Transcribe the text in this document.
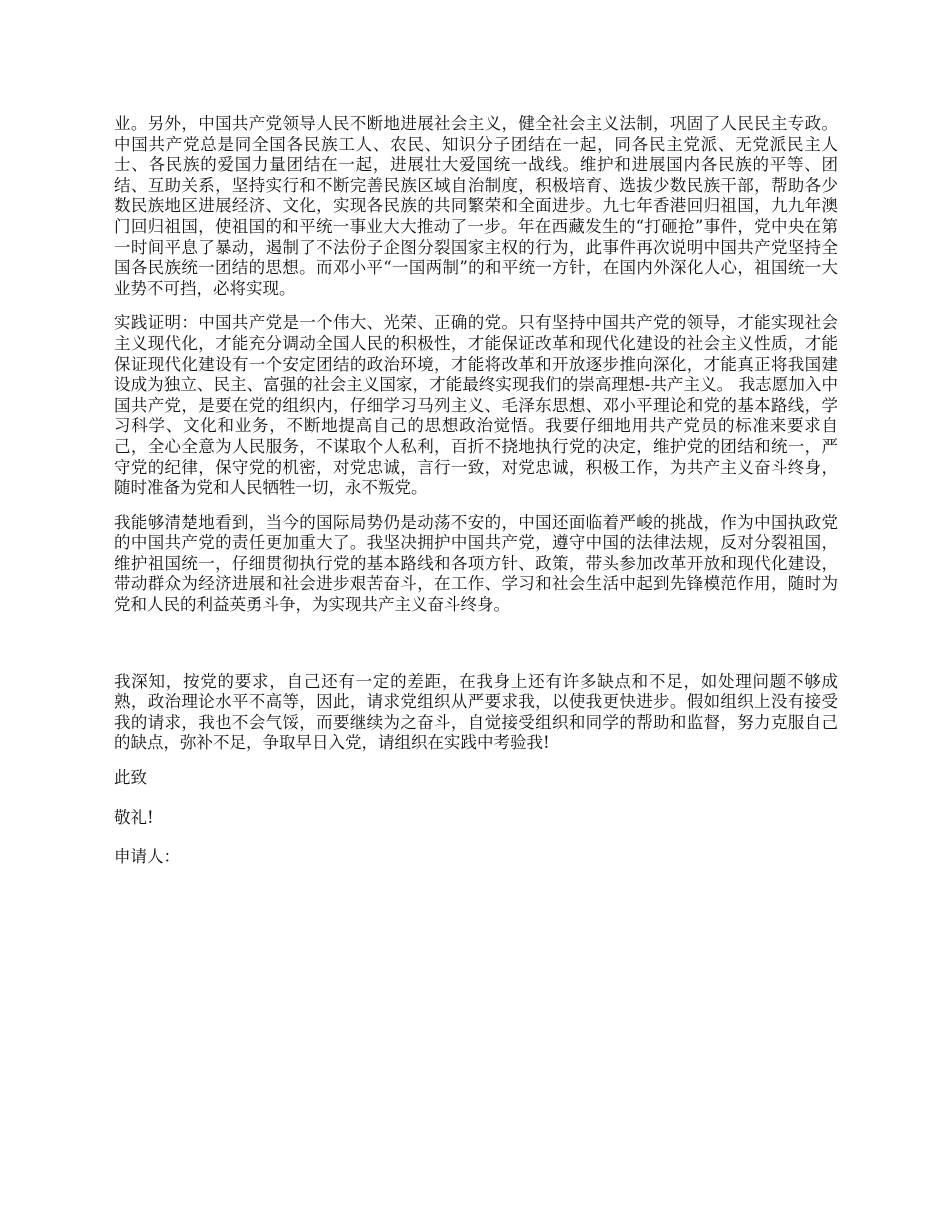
业。另外，中国共产党领导人民不断地进展社会主义，健全社会主义法制，巩固了人民民主专政。中国共产党总是同全国各民族工人、农民、知识分子团结在一起，同各民主党派、无党派民主人士、各民族的爱国力量团结在一起，进展壮大爱国统一战线。维护和进展国内各民族的平等、团结、互助关系，坚持实行和不断完善民族区域自治制度，积极培育、选拔少数民族干部，帮助各少数民族地区进展经济、文化，实现各民族的共同繁荣和全面进步。九七年香港回归祖国，九九年澳门回归祖国，使祖国的和平统一事业大大推动了一步。年在西藏发生的“打砸抢”事件，党中央在第一时间平息了暴动，遏制了不法份子企图分裂国家主权的行为，此事件再次说明中国共产党坚持全国各民族统一团结的思想。而邓小平“一国两制”的和平统一方针，在国内外深化人心，祖国统一大业势不可挡，必将实现。

实践证明：中国共产党是一个伟大、光荣、正确的党。只有坚持中国共产党的领导，才能实现社会主义现代化，才能充分调动全国人民的积极性，才能保证改革和现代化建设的社会主义性质，才能保证现代化建设有一个安定团结的政治环境，才能将改革和开放逐步推向深化，才能真正将我国建设成为独立、民主、富强的社会主义国家，才能最终实现我们的崇高理想-共产主义。 我志愿加入中国共产党，是要在党的组织内，仔细学习马列主义、毛泽东思想、邓小平理论和党的基本路线，学习科学、文化和业务，不断地提高自己的思想政治觉悟。我要仔细地用共产党员的标准来要求自己，全心全意为人民服务，不谋取个人私利，百折不挠地执行党的决定，维护党的团结和统一，严守党的纪律，保守党的机密，对党忠诚，言行一致，对党忠诚，积极工作，为共产主义奋斗终身，随时准备为党和人民牺牲一切，永不叛党。

我能够清楚地看到，当今的国际局势仍是动荡不安的，中国还面临着严峻的挑战，作为中国执政党的中国共产党的责任更加重大了。我坚决拥护中国共产党，遵守中国的法律法规，反对分裂祖国，维护祖国统一，仔细贯彻执行党的基本路线和各项方针、政策，带头参加改革开放和现代化建设，带动群众为经济进展和社会进步艰苦奋斗，在工作、学习和社会生活中起到先锋模范作用，随时为党和人民的利益英勇斗争，为实现共产主义奋斗终身。

我深知，按党的要求，自己还有一定的差距，在我身上还有许多缺点和不足，如处理问题不够成熟，政治理论水平不高等，因此，请求党组织从严要求我，以使我更快进步。假如组织上没有接受我的请求，我也不会气馁，而要继续为之奋斗，自觉接受组织和同学的帮助和监督，努力克服自己的缺点，弥补不足，争取早日入党，请组织在实践中考验我!

此致

敬礼!

申请人：
